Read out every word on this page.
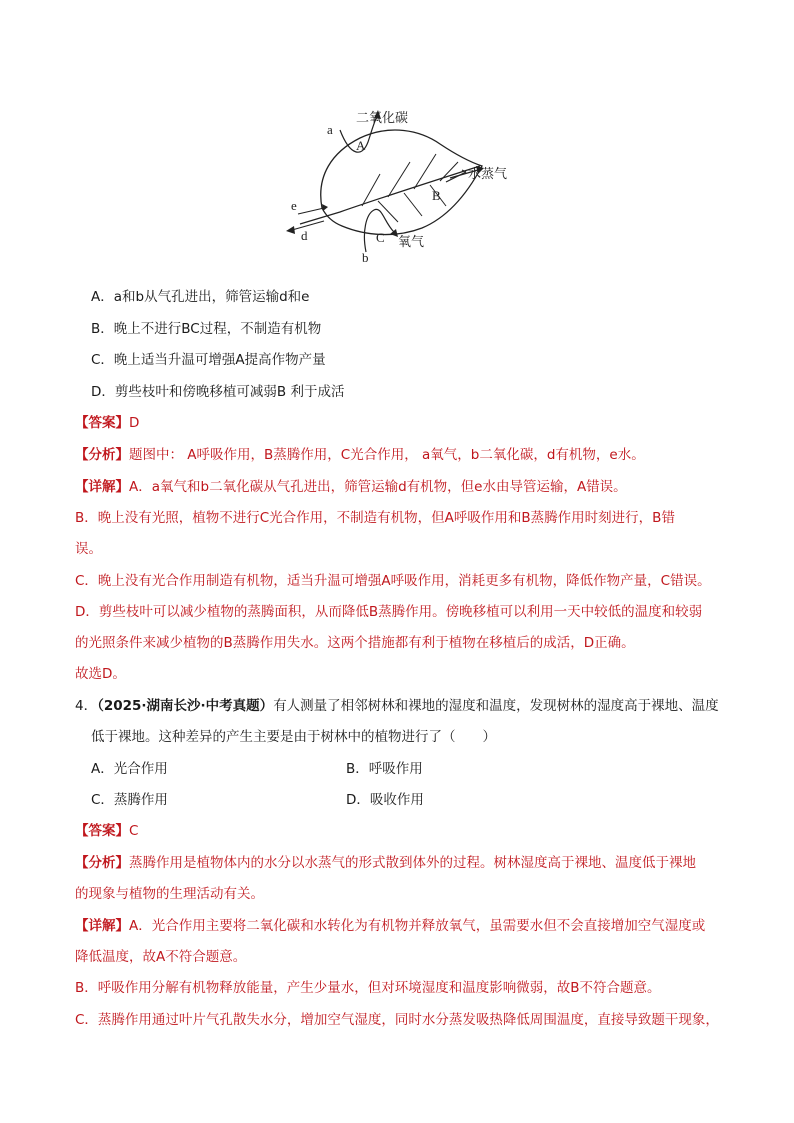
二氧化碳
水蒸气
氧气
A
B
C
a
b
d
e
A．a和b从气孔进出，筛管运输d和e
B．晚上不进行BC过程，不制造有机物
C．晚上适当升温可增强A提高作物产量
D．剪些枝叶和傍晚移植可减弱B 利于成活
【答案】D
【分析】题图中： A呼吸作用，B蒸腾作用，C光合作用， a氧气，b二氧化碳，d有机物，e水。
【详解】A．a氧气和b二氧化碳从气孔进出，筛管运输d有机物，但e水由导管运输，A错误。
B．晚上没有光照，植物不进行C光合作用，不制造有机物，但A呼吸作用和B蒸腾作用时刻进行，B错
误。
C．晚上没有光合作用制造有机物，适当升温可增强A呼吸作用，消耗更多有机物，降低作物产量，C错误。
D．剪些枝叶可以减少植物的蒸腾面积，从而降低B蒸腾作用。傍晚移植可以利用一天中较低的温度和较弱
的光照条件来减少植物的B蒸腾作用失水。这两个措施都有利于植物在移植后的成活，D正确。
故选D。
4．（2025·湖南长沙·中考真题）有人测量了相邻树林和裸地的湿度和温度，发现树林的湿度高于裸地、温度
低于裸地。这种差异的产生主要是由于树林中的植物进行了（　　）
A．光合作用	B．呼吸作用
C．蒸腾作用	D．吸收作用
【答案】C
【分析】蒸腾作用是植物体内的水分以水蒸气的形式散到体外的过程。树林湿度高于裸地、温度低于裸地
的现象与植物的生理活动有关。
【详解】A．光合作用主要将二氧化碳和水转化为有机物并释放氧气，虽需要水但不会直接增加空气湿度或
降低温度，故A不符合题意。
B．呼吸作用分解有机物释放能量，产生少量水，但对环境湿度和温度影响微弱，故B不符合题意。
C．蒸腾作用通过叶片气孔散失水分，增加空气湿度，同时水分蒸发吸热降低周围温度，直接导致题干现象，
